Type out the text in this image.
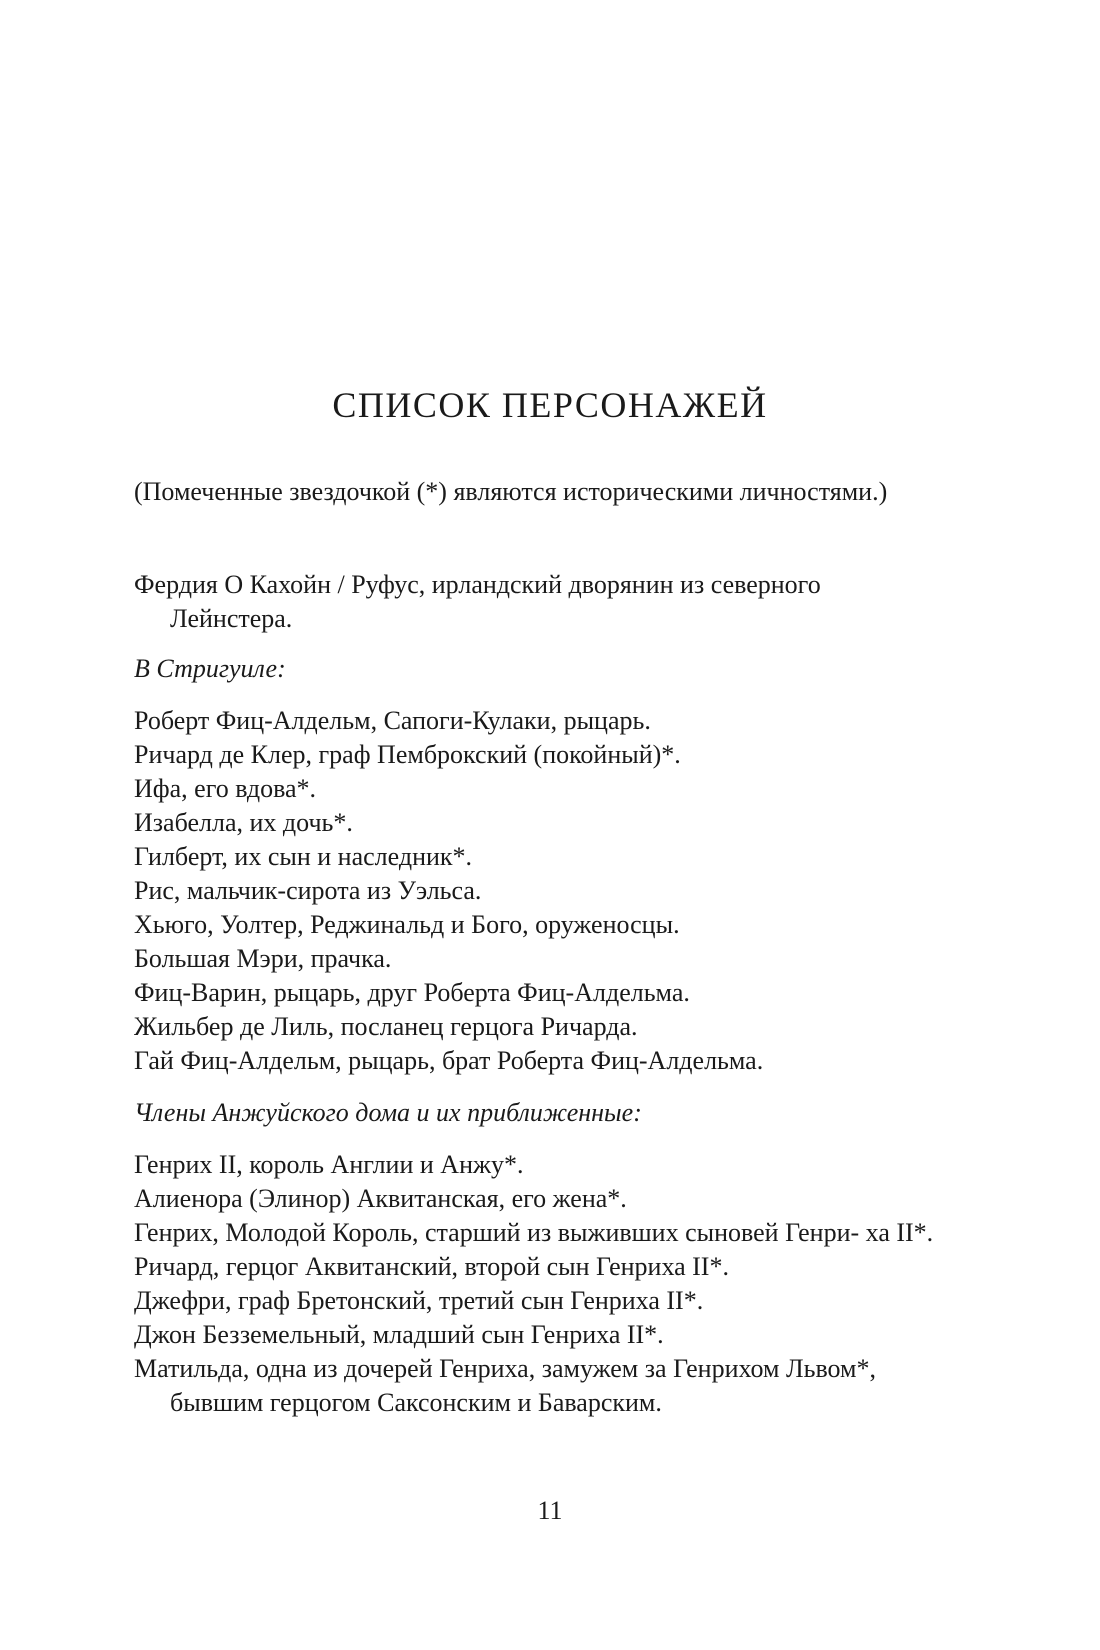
СПИСОК ПЕРСОНАЖЕЙ
(Помеченные звездочкой (*) являются историческими личностями.)

Фердия О Кахойн / Руфус, ирландский дворянин из северного
Лейнстера.

В Стригуиле:

Роберт Фиц-Алдельм, Сапоги-Кулаки, рыцарь.

Ричард де Клер, граф Пемброкский (покойный)*.

Ифа, его вдова*.

Изабелла, их дочь*.

Гилберт, их сын и наследник*.

Рис, мальчик-сирота из Уэльса.

Хьюго, Уолтер, Реджинальд и Бого, оруженосцы.

Большая Мэри, прачка.

Фиц-Варин, рыцарь, друг Роберта Фиц-Алдельма.

Жильбер де Лиль, посланец герцога Ричарда.

Гай Фиц-Алдельм, рыцарь, брат Роберта Фиц-Алдельма.

Члены Анжуйского дома и их приближенные:

Генрих II, король Англии и Анжу*.

Алиенора (Элинор) Аквитанская, его жена*.

Генрих, Молодой Король, старший из выживших сыновей Генри- ха II*.

Ричард, герцог Аквитанский, второй сын Генриха II*.

Джефри, граф Бретонский, третий сын Генриха II*.

Джон Безземельный, младший сын Генриха II*.

Матильда, одна из дочерей Генриха, замужем за Генрихом Львом*, бывшим герцогом Саксонским и Баварским.

11
